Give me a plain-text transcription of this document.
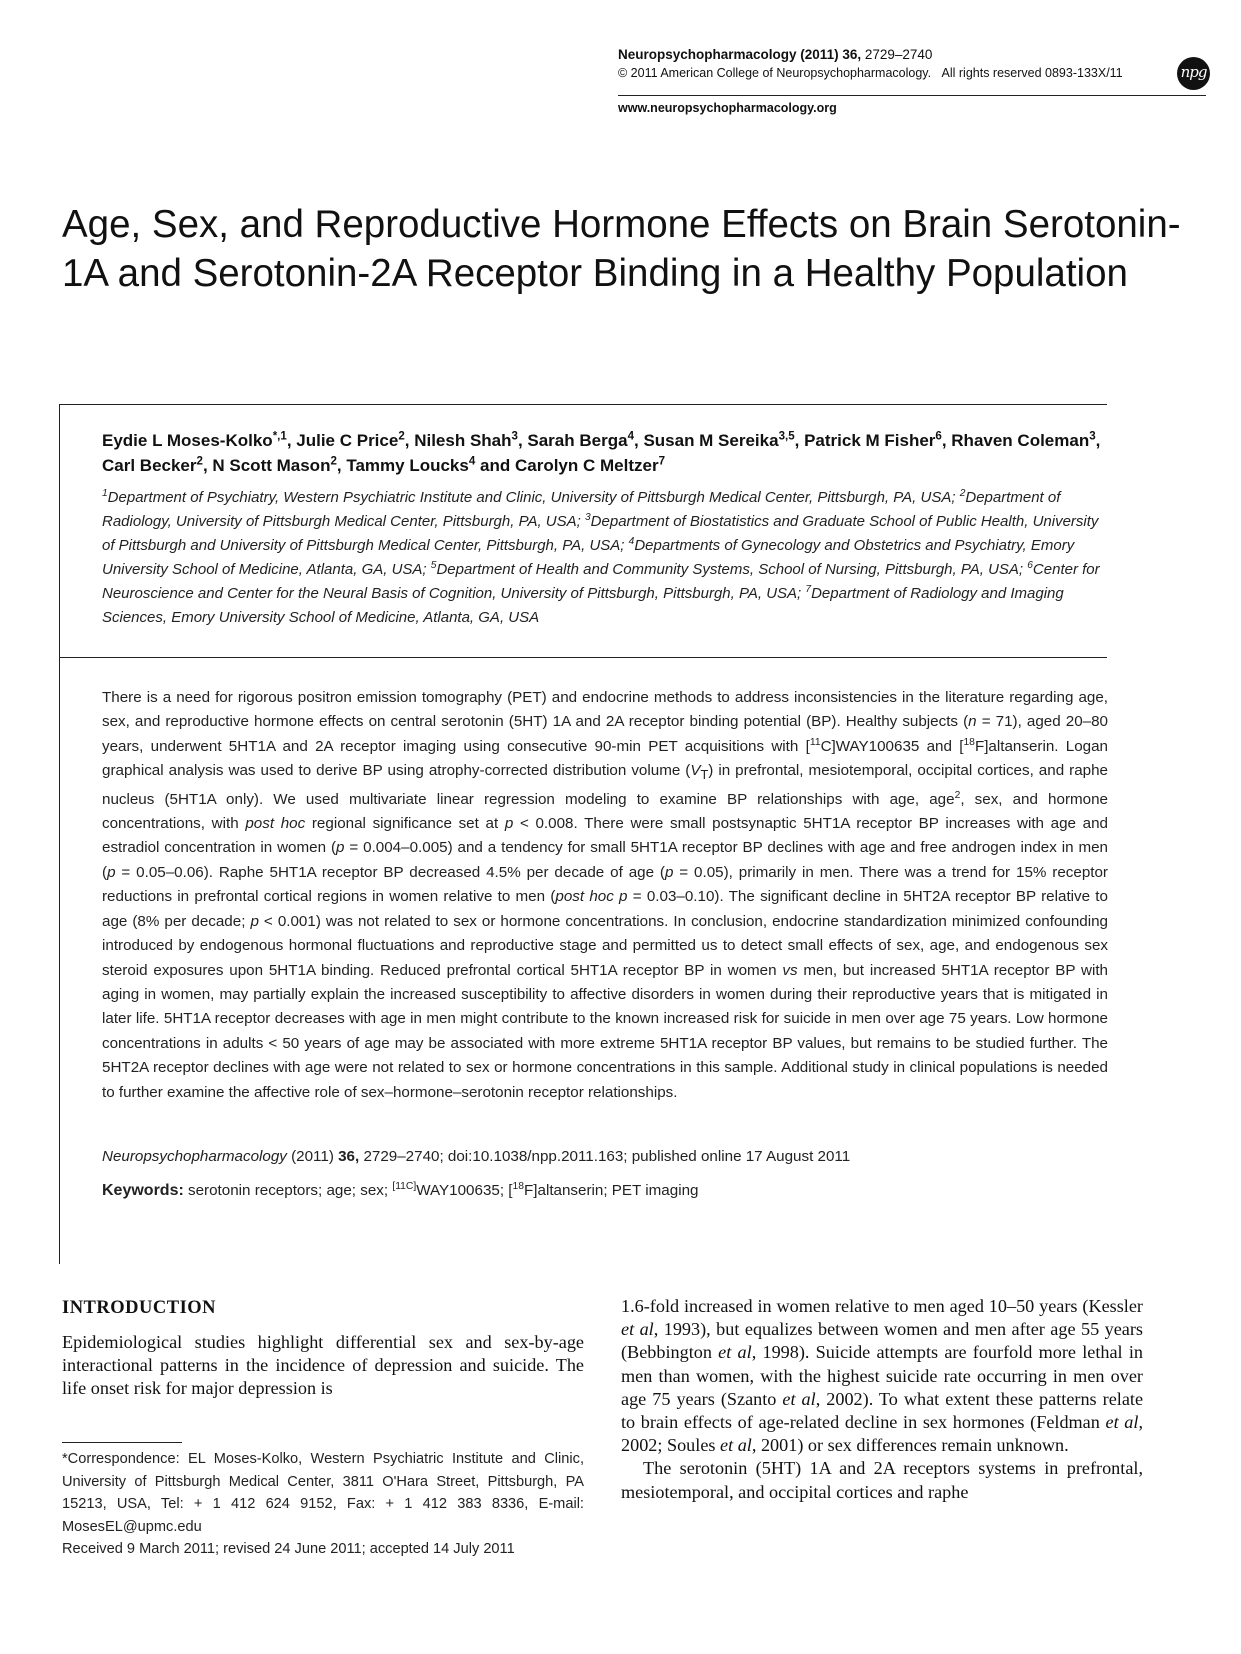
Neuropsychopharmacology (2011) 36, 2729–2740
© 2011 American College of Neuropsychopharmacology. All rights reserved 0893-133X/11	npg
www.neuropsychopharmacology.org
Age, Sex, and Reproductive Hormone Effects on Brain Serotonin-1A and Serotonin-2A Receptor Binding in a Healthy Population

Eydie L Moses-Kolko$^{*,1}$, Julie C Price$^2$, Nilesh Shah$^3$, Sarah Berga$^4$, Susan M Sereika$^{3,5}$, Patrick M Fisher$^6$, Rhaven Coleman$^3$, Carl Becker$^2$, N Scott Mason$^2$, Tammy Loucks$^4$ and Carolyn C Meltzer$^7$

$^1$Department of Psychiatry, Western Psychiatric Institute and Clinic, University of Pittsburgh Medical Center, Pittsburgh, PA, USA; $^2$Department of Radiology, University of Pittsburgh Medical Center, Pittsburgh, PA, USA; $^3$Department of Biostatistics and Graduate School of Public Health, University of Pittsburgh and University of Pittsburgh Medical Center, Pittsburgh, PA, USA; $^4$Departments of Gynecology and Obstetrics and Psychiatry, Emory University School of Medicine, Atlanta, GA, USA; $^5$Department of Health and Community Systems, School of Nursing, Pittsburgh, PA, USA; $^6$Center for Neuroscience and Center for the Neural Basis of Cognition, University of Pittsburgh, Pittsburgh, PA, USA; $^7$Department of Radiology and Imaging Sciences, Emory University School of Medicine, Atlanta, GA, USA

There is a need for rigorous positron emission tomography (PET) and endocrine methods to address inconsistencies in the literature regarding age, sex, and reproductive hormone effects on central serotonin (5HT) 1A and 2A receptor binding potential (BP). Healthy subjects (n = 71), aged 20–80 years, underwent 5HT1A and 2A receptor imaging using consecutive 90-min PET acquisitions with [$^{11}$C]WAY100635 and [$^{18}$F]altanserin. Logan graphical analysis was used to derive BP using atrophy-corrected distribution volume $(V_T)$ in prefrontal, mesiotemporal, occipital cortices, and raphe nucleus (5HT1A only). We used multivariate linear regression modeling to examine BP relationships with age, age$^2$, sex, and hormone concentrations, with post hoc regional significance set at p < 0.008. There were small postsynaptic 5HT1A receptor BP increases with age and estradiol concentration in women (p = 0.004–0.005) and a tendency for small 5HT1A receptor BP declines with age and free androgen index in men (p = 0.05–0.06). Raphe 5HT1A receptor BP decreased 4.5% per decade of age (p = 0.05), primarily in men. There was a trend for 15% receptor reductions in prefrontal cortical regions in women relative to men (post hoc p = 0.03–0.10). The significant decline in 5HT2A receptor BP relative to age (8% per decade; p < 0.001) was not related to sex or hormone concentrations. In conclusion, endocrine standardization minimized confounding introduced by endogenous hormonal fluctuations and reproductive stage and permitted us to detect small effects of sex, age, and endogenous sex steroid exposures upon 5HT1A binding. Reduced prefrontal cortical 5HT1A receptor BP in women vs men, but increased 5HT1A receptor BP with aging in women, may partially explain the increased susceptibility to affective disorders in women during their reproductive years that is mitigated in later life. 5HT1A receptor decreases with age in men might contribute to the known increased risk for suicide in men over age 75 years. Low hormone concentrations in adults < 50 years of age may be associated with more extreme 5HT1A receptor BP values, but remains to be studied further. The 5HT2A receptor declines with age were not related to sex or hormone concentrations in this sample. Additional study in clinical populations is needed to further examine the affective role of sex–hormone–serotonin receptor relationships.

Neuropsychopharmacology (2011) 36, 2729–2740; doi:10.1038/npp.2011.163; published online 17 August 2011
Keywords: serotonin receptors; age; sex; [11C]WAY100635; [$^{18}$F]altanserin; PET imaging
INTRODUCTION

Epidemiological studies highlight differential sex and sex-by-age interactional patterns in the incidence of depression and suicide. The life onset risk for major depression is

1.6-fold increased in women relative to men aged 10–50 years (Kessler et al, 1993), but equalizes between women and men after age 55 years (Bebbington et al, 1998). Suicide attempts are fourfold more lethal in men than women, with the highest suicide rate occurring in men over age 75 years (Szanto et al, 2002). To what extent these patterns relate to brain effects of age-related decline in sex hormones (Feldman et al, 2002; Soules et al, 2001) or sex differences remain unknown.
The serotonin (5HT) 1A and 2A receptors systems in prefrontal, mesiotemporal, and occipital cortices and raphe

*Correspondence: EL Moses-Kolko, Western Psychiatric Institute and Clinic, University of Pittsburgh Medical Center, 3811 O'Hara Street, Pittsburgh, PA 15213, USA, Tel: + 1 412 624 9152, Fax: + 1 412 383 8336, E-mail: MosesEL@upmc.edu

Received 9 March 2011; revised 24 June 2011; accepted 14 July 2011
